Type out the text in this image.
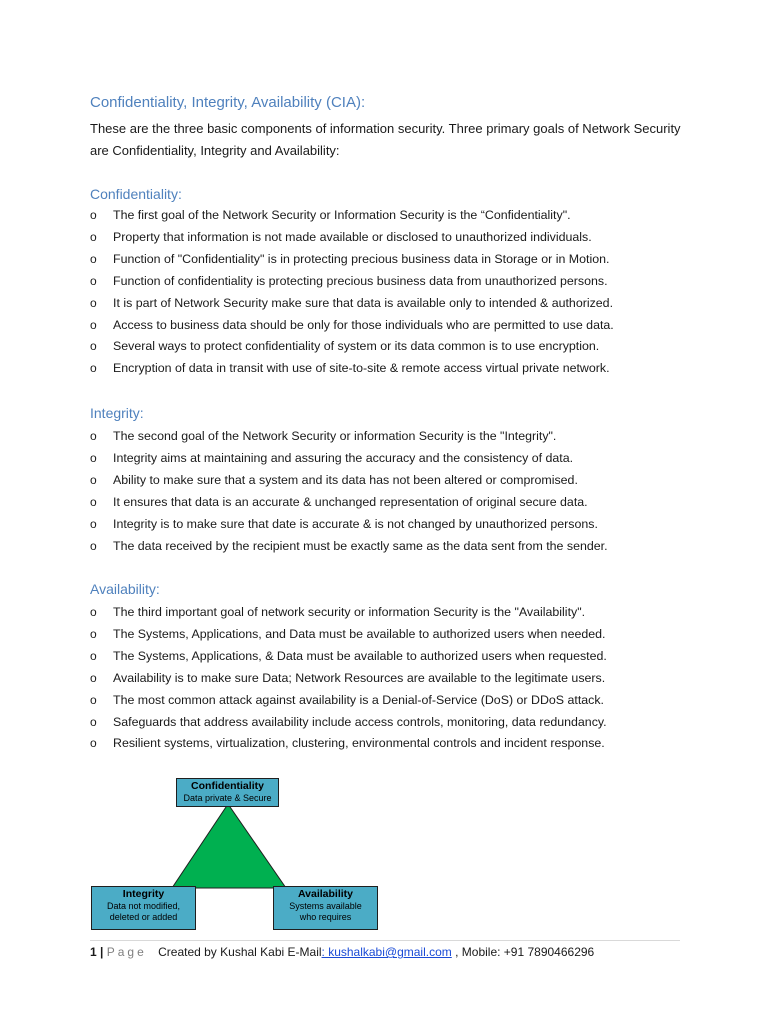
Confidentiality, Integrity, Availability (CIA):
These are the three basic components of information security. Three primary goals of Network Security are Confidentiality, Integrity and Availability:
Confidentiality:
o The first goal of the Network Security or Information Security is the “Confidentiality".
o Property that information is not made available or disclosed to unauthorized individuals.
o Function of "Confidentiality" is in protecting precious business data in Storage or in Motion.
o Function of confidentiality is protecting precious business data from unauthorized persons.
o It is part of Network Security make sure that data is available only to intended & authorized.
o Access to business data should be only for those individuals who are permitted to use data.
o Several ways to protect confidentiality of system or its data common is to use encryption.
o Encryption of data in transit with use of site-to-site & remote access virtual private network.
Integrity:
o The second goal of the Network Security or information Security is the "Integrity".
o Integrity aims at maintaining and assuring the accuracy and the consistency of data.
o Ability to make sure that a system and its data has not been altered or compromised.
o It ensures that data is an accurate & unchanged representation of original secure data.
o Integrity is to make sure that date is accurate & is not changed by unauthorized persons.
o The data received by the recipient must be exactly same as the data sent from the sender.
Availability:
o The third important goal of network security or information Security is the "Availability".
o The Systems, Applications, and Data must be available to authorized users when needed.
o The Systems, Applications, & Data must be available to authorized users when requested.
o Availability is to make sure Data; Network Resources are available to the legitimate users.
o The most common attack against availability is a Denial-of-Service (DoS) or DDoS attack.
o Safeguards that address availability include access controls, monitoring, data redundancy.
o Resilient systems, virtualization, clustering, environmental controls and incident response.
Confidentiality
Data private & Secure
Integrity
Data not modified,
deleted or added
Availability
Systems available
who requires
1 | Page Created by Kushal Kabi E-Mail: kushalkabi@gmail.com , Mobile: +91 7890466296
